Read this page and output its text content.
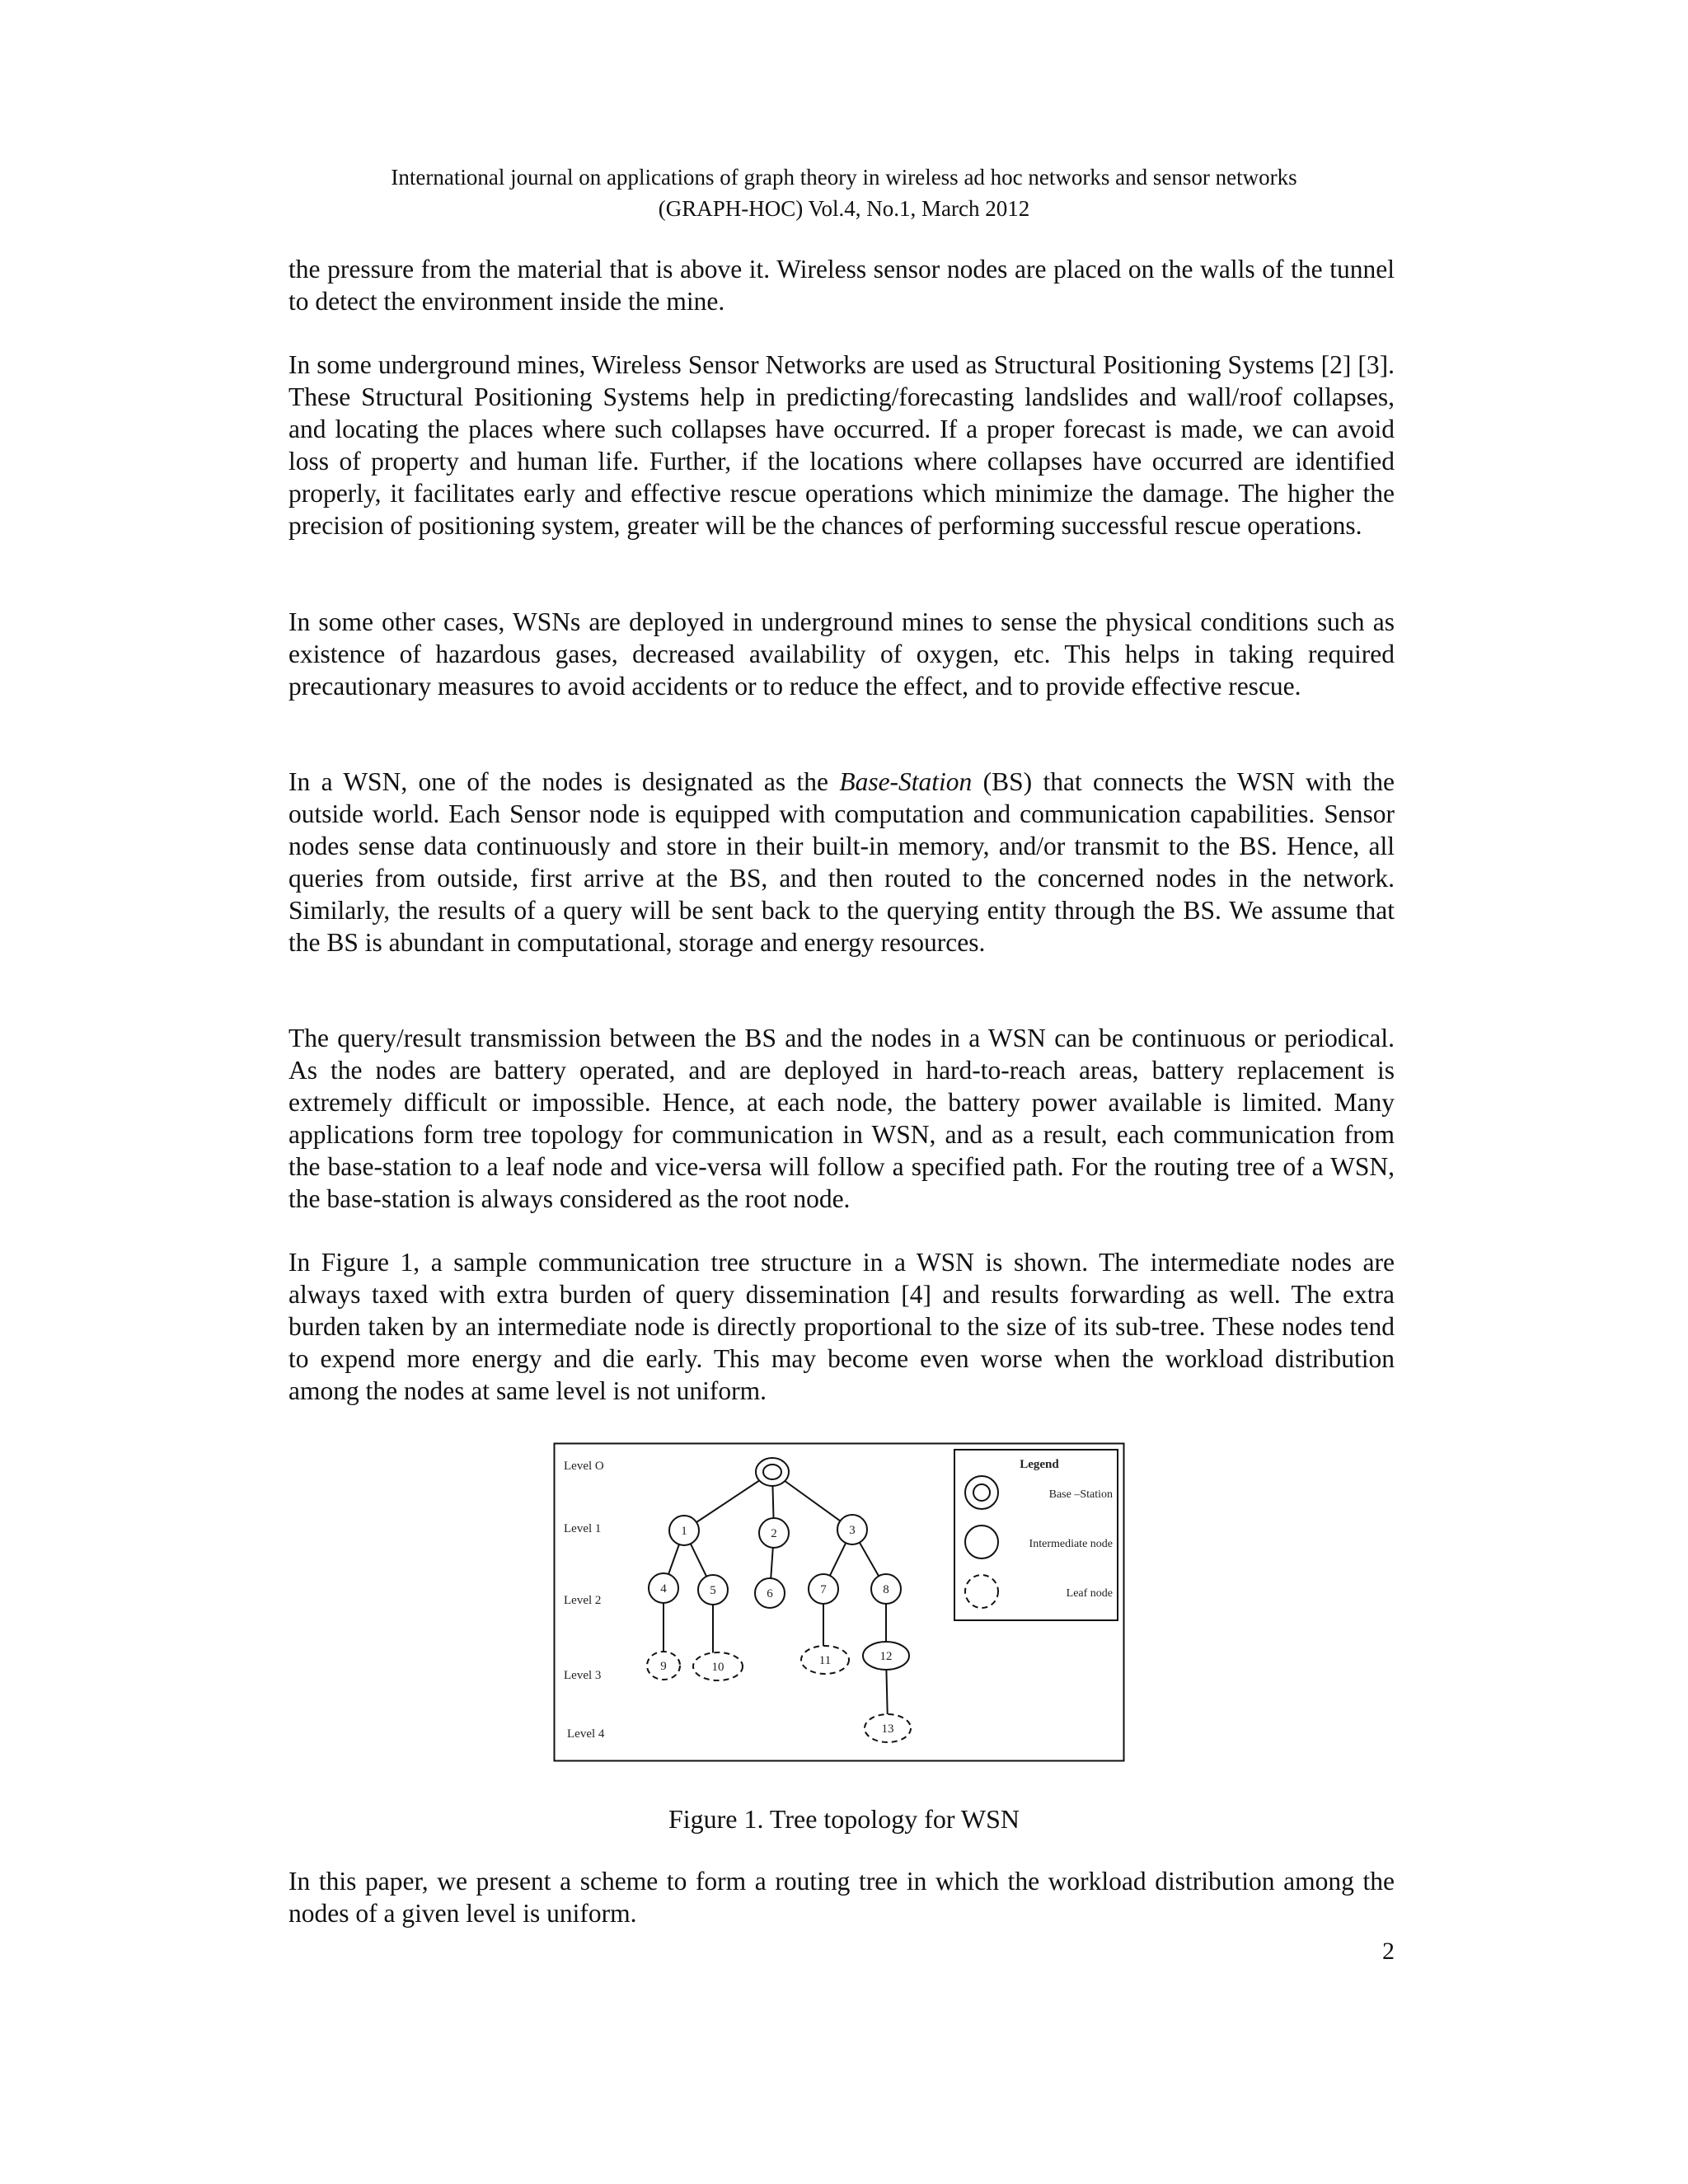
International journal on applications of graph theory in wireless ad hoc networks and sensor networks
(GRAPH-HOC) Vol.4, No.1, March 2012

the pressure from the material that is above it. Wireless sensor nodes are placed on the walls of the tunnel to detect the environment inside the mine.

In some underground mines, Wireless Sensor Networks are used as Structural Positioning Systems [2] [3]. These Structural Positioning Systems help in predicting/forecasting landslides and wall/roof collapses, and locating the places where such collapses have occurred. If a proper forecast is made, we can avoid loss of property and human life. Further, if the locations where collapses have occurred are identified properly, it facilitates early and effective rescue operations which minimize the damage. The higher the precision of positioning system, greater will be the chances of performing successful rescue operations.

In some other cases, WSNs are deployed in underground mines to sense the physical conditions such as existence of hazardous gases, decreased availability of oxygen, etc. This helps in taking required precautionary measures to avoid accidents or to reduce the effect, and to provide effective rescue.

In a WSN, one of the nodes is designated as the Base-Station (BS) that connects the WSN with the outside world. Each Sensor node is equipped with computation and communication capabilities. Sensor nodes sense data continuously and store in their built-in memory, and/or transmit to the BS. Hence, all queries from outside, first arrive at the BS, and then routed to the concerned nodes in the network. Similarly, the results of a query will be sent back to the querying entity through the BS. We assume that the BS is abundant in computational, storage and energy resources.

The query/result transmission between the BS and the nodes in a WSN can be continuous or periodical. As the nodes are battery operated, and are deployed in hard-to-reach areas, battery replacement is extremely difficult or impossible. Hence, at each node, the battery power available is limited. Many applications form tree topology for communication in WSN, and as a result, each communication from the base-station to a leaf node and vice-versa will follow a specified path. For the routing tree of a WSN, the base-station is always considered as the root node.

In Figure 1, a sample communication tree structure in a WSN is shown. The intermediate nodes are always taxed with extra burden of query dissemination [4] and results forwarding as well. The extra burden taken by an intermediate node is directly proportional to the size of its sub-tree. These nodes tend to expend more energy and die early. This may become even worse when the workload distribution among the nodes at same level is not uniform.

Level O
Level 1
Level 2
Level 3
Level 4
1	2	3
4	5	6	7	8
9	10	11	12
13
Legend
Base –Station
Intermediate node
Leaf node
Figure 1. Tree topology for WSN

In this paper, we present a scheme to form a routing tree in which the workload distribution among the nodes of a given level is uniform.

2
